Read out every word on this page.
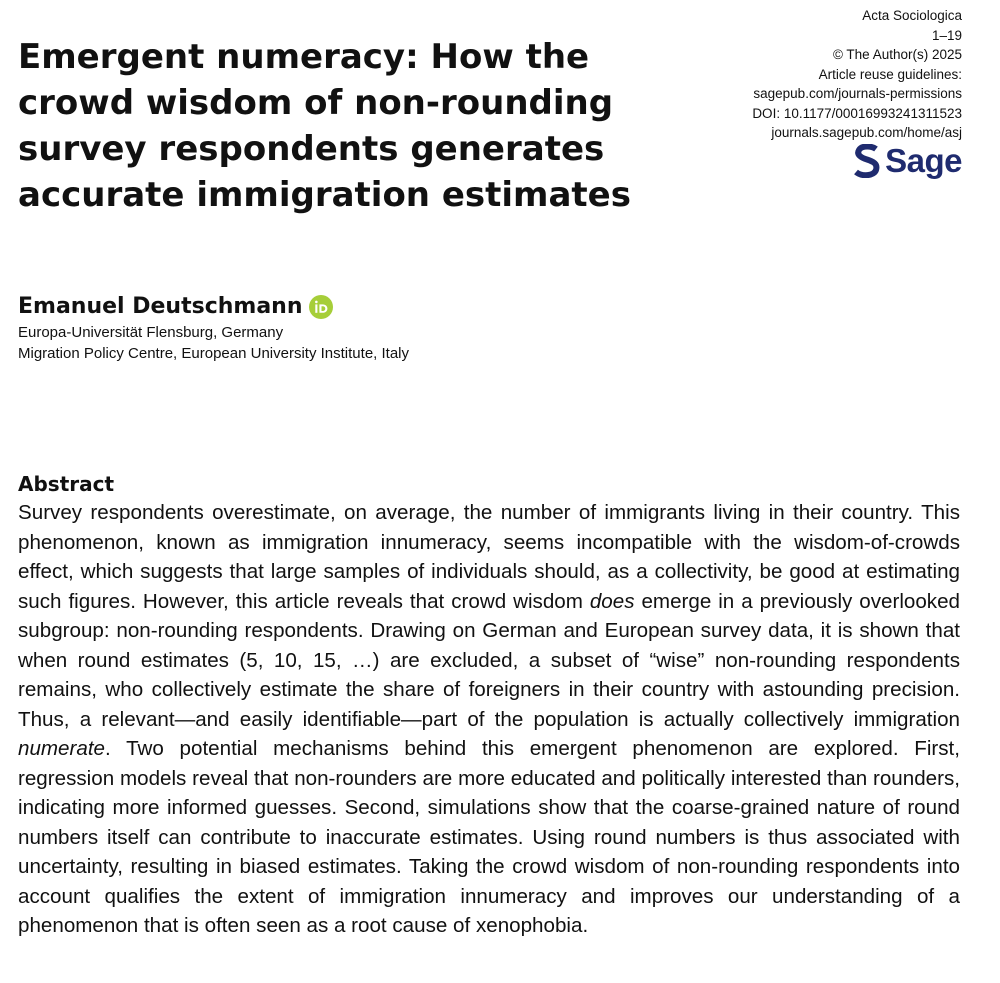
Emergent numeracy: How the crowd wisdom of non-rounding survey respondents generates accurate immigration estimates
Acta Sociologica
1–19
© The Author(s) 2025
Article reuse guidelines:
sagepub.com/journals-permissions
DOI: 10.1177/00016993241311523
journals.sagepub.com/home/asj
Sage
Emanuel Deutschmann
Europa-Universität Flensburg, Germany
Migration Policy Centre, European University Institute, Italy
Abstract

Survey respondents overestimate, on average, the number of immigrants living in their country. This phenomenon, known as immigration innumeracy, seems incompatible with the wisdom-of-crowds effect, which suggests that large samples of individuals should, as a collectivity, be good at estimating such figures. However, this article reveals that crowd wisdom does emerge in a previously overlooked subgroup: non-rounding respondents. Drawing on German and European survey data, it is shown that when round estimates (5, 10, 15, …) are excluded, a subset of “wise” non-rounding respondents remains, who collectively estimate the share of foreigners in their country with astounding precision. Thus, a relevant—and easily identifiable—part of the population is actually collectively immigration numerate. Two potential mechanisms behind this emergent phenomenon are explored. First, regression models reveal that non-rounders are more educated and politically interested than rounders, indicating more informed guesses. Second, simulations show that the coarse-grained nature of round numbers itself can contribute to inaccurate estimates. Using round numbers is thus associated with uncertainty, resulting in biased estimates. Taking the crowd wisdom of non-rounding respondents into account qualifies the extent of immigration innumeracy and improves our understanding of a phenomenon that is often seen as a root cause of xenophobia.
